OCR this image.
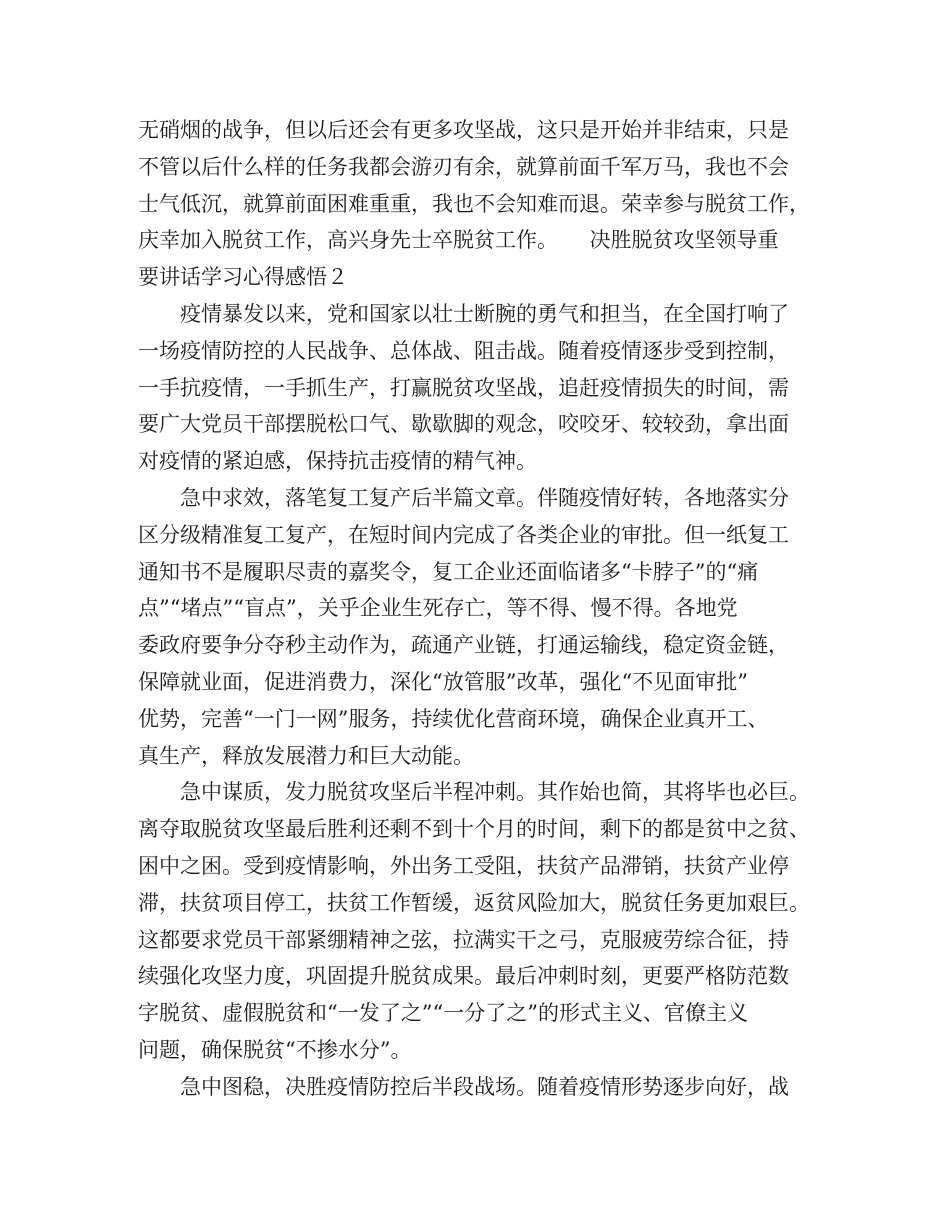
无硝烟的战争，但以后还会有更多攻坚战，这只是开始并非结束，只是
不管以后什么样的任务我都会游刃有余，就算前面千军万马，我也不会
士气低沉，就算前面困难重重，我也不会知难而退。荣幸参与脱贫工作，
庆幸加入脱贫工作，高兴身先士卒脱贫工作。　　决胜脱贫攻坚领导重
要讲话学习心得感悟２
疫情暴发以来，党和国家以壮士断腕的勇气和担当，在全国打响了
一场疫情防控的人民战争、总体战、阻击战。随着疫情逐步受到控制，
一手抗疫情，一手抓生产，打赢脱贫攻坚战，追赶疫情损失的时间，需
要广大党员干部摆脱松口气、歇歇脚的观念，咬咬牙、较较劲，拿出面
对疫情的紧迫感，保持抗击疫情的精气神。
急中求效，落笔复工复产后半篇文章。伴随疫情好转，各地落实分
区分级精准复工复产，在短时间内完成了各类企业的审批。但一纸复工
通知书不是履职尽责的嘉奖令，复工企业还面临诸多“卡脖子”的“痛
点”“堵点”“盲点”，关乎企业生死存亡，等不得、慢不得。各地党
委政府要争分夺秒主动作为，疏通产业链，打通运输线，稳定资金链，
保障就业面，促进消费力，深化“放管服”改革，强化“不见面审批”
优势，完善“一门一网”服务，持续优化营商环境，确保企业真开工、
真生产，释放发展潜力和巨大动能。
急中谋质，发力脱贫攻坚后半程冲刺。其作始也简，其将毕也必巨。
离夺取脱贫攻坚最后胜利还剩不到十个月的时间，剩下的都是贫中之贫、
困中之困。受到疫情影响，外出务工受阻，扶贫产品滞销，扶贫产业停
滞，扶贫项目停工，扶贫工作暂缓，返贫风险加大，脱贫任务更加艰巨。
这都要求党员干部紧绷精神之弦，拉满实干之弓，克服疲劳综合征，持
续强化攻坚力度，巩固提升脱贫成果。最后冲刺时刻，更要严格防范数
字脱贫、虚假脱贫和“一发了之”“一分了之”的形式主义、官僚主义
问题，确保脱贫“不掺水分”。
急中图稳，决胜疫情防控后半段战场。随着疫情形势逐步向好，战
